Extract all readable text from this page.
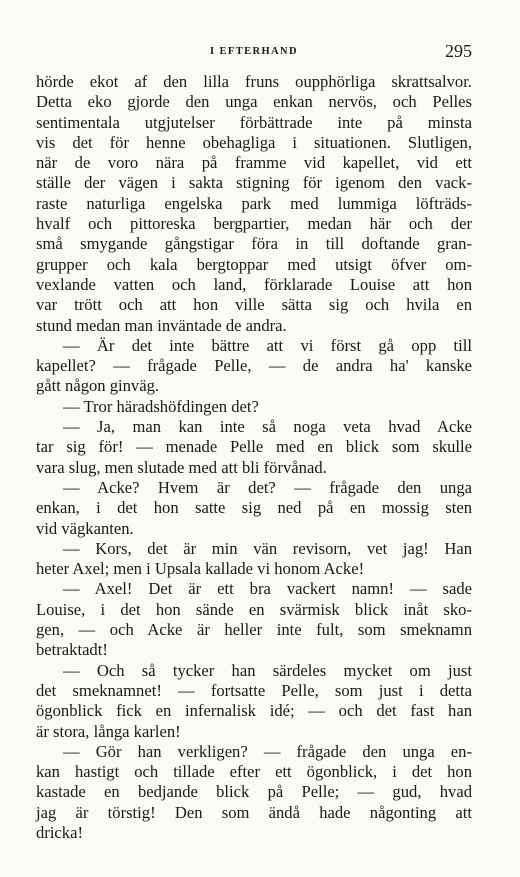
I EFTERHAND	295
hörde ekot af den lilla fruns oupphörliga skrattsalvor.
Detta eko gjorde den unga enkan nervös, och Pelles
sentimentala utgjutelser förbättrade inte på minsta
vis det för henne obehagliga i situationen. Slutligen,
när de voro nära på framme vid kapellet, vid ett
ställe der vägen i sakta stigning för igenom den vack-
raste naturliga engelska park med lummiga löfträds-
hvalf och pittoreska bergpartier, medan här och der
små smygande gångstigar föra in till doftande gran-
grupper och kala bergtoppar med utsigt öfver om-
vexlande vatten och land, förklarade Louise att hon
var trött och att hon ville sätta sig och hvila en
stund medan man inväntade de andra.
— Är det inte bättre att vi först gå opp till
kapellet? — frågade Pelle, — de andra ha' kanske
gått någon ginväg.
— Tror häradshöfdingen det?
— Ja, man kan inte så noga veta hvad Acke
tar sig för! — menade Pelle med en blick som skulle
vara slug, men slutade med att bli förvånad.
— Acke? Hvem är det? — frågade den unga
enkan, i det hon satte sig ned på en mossig sten
vid vägkanten.
— Kors, det är min vän revisorn, vet jag! Han
heter Axel; men i Upsala kallade vi honom Acke!
— Axel! Det är ett bra vackert namn! — sade
Louise, i det hon sände en svärmisk blick inåt sko-
gen, — och Acke är heller inte fult, som smeknamn
betraktadt!
— Och så tycker han särdeles mycket om just
det smeknamnet! — fortsatte Pelle, som just i detta
ögonblick fick en infernalisk idé; — och det fast han
är stora, långa karlen!
— Gör han verkligen? — frågade den unga en-
kan hastigt och tillade efter ett ögonblick, i det hon
kastade en bedjande blick på Pelle; — gud, hvad
jag är törstig! Den som ändå hade någonting att
dricka!
